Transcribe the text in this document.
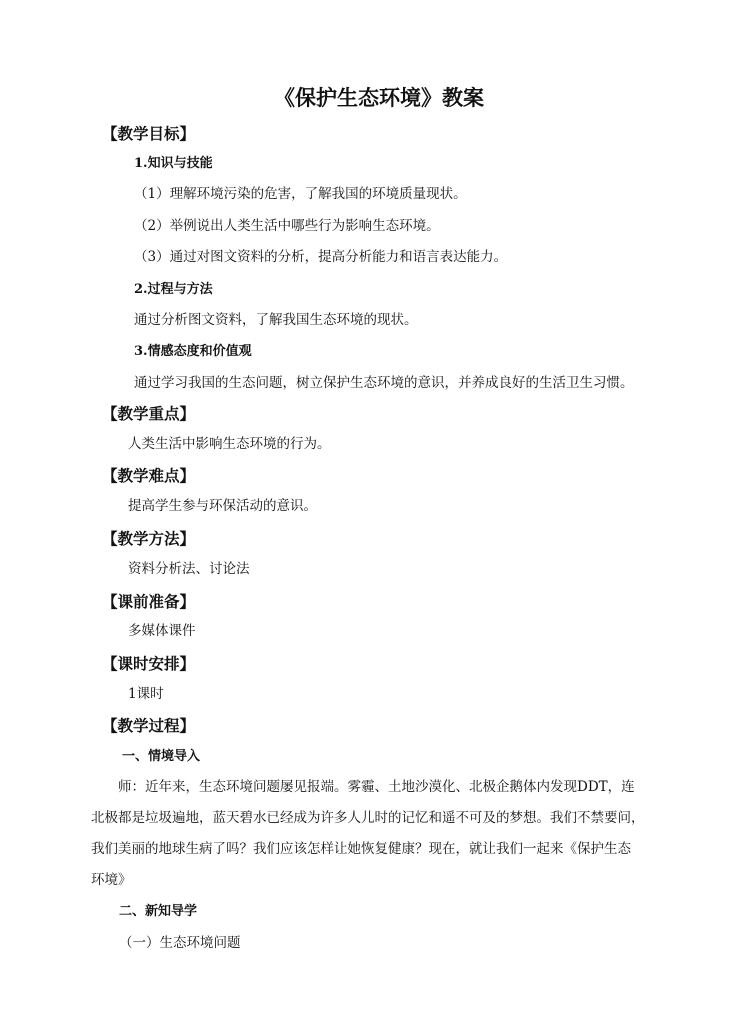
《保护生态环境》教案
【教学目标】
1.知识与技能
（1）理解环境污染的危害，了解我国的环境质量现状。
（2）举例说出人类生活中哪些行为影响生态环境。
（3）通过对图文资料的分析，提高分析能力和语言表达能力。
2.过程与方法
通过分析图文资料，了解我国生态环境的现状。
3.情感态度和价值观
通过学习我国的生态问题，树立保护生态环境的意识，并养成良好的生活卫生习惯。
【教学重点】
人类生活中影响生态环境的行为。
【教学难点】
提高学生参与环保活动的意识。
【教学方法】
资料分析法、讨论法
【课前准备】
多媒体课件
【课时安排】
1课时
【教学过程】
一、情境导入
师：近年来，生态环境问题屡见报端。雾霾、土地沙漠化、北极企鹅体内发现DDT，连
北极都是垃圾遍地，蓝天碧水已经成为许多人儿时的记忆和遥不可及的梦想。我们不禁要问，
我们美丽的地球生病了吗？我们应该怎样让她恢复健康？现在，就让我们一起来《保护生态
环境》
二、新知导学
（一）生态环境问题
